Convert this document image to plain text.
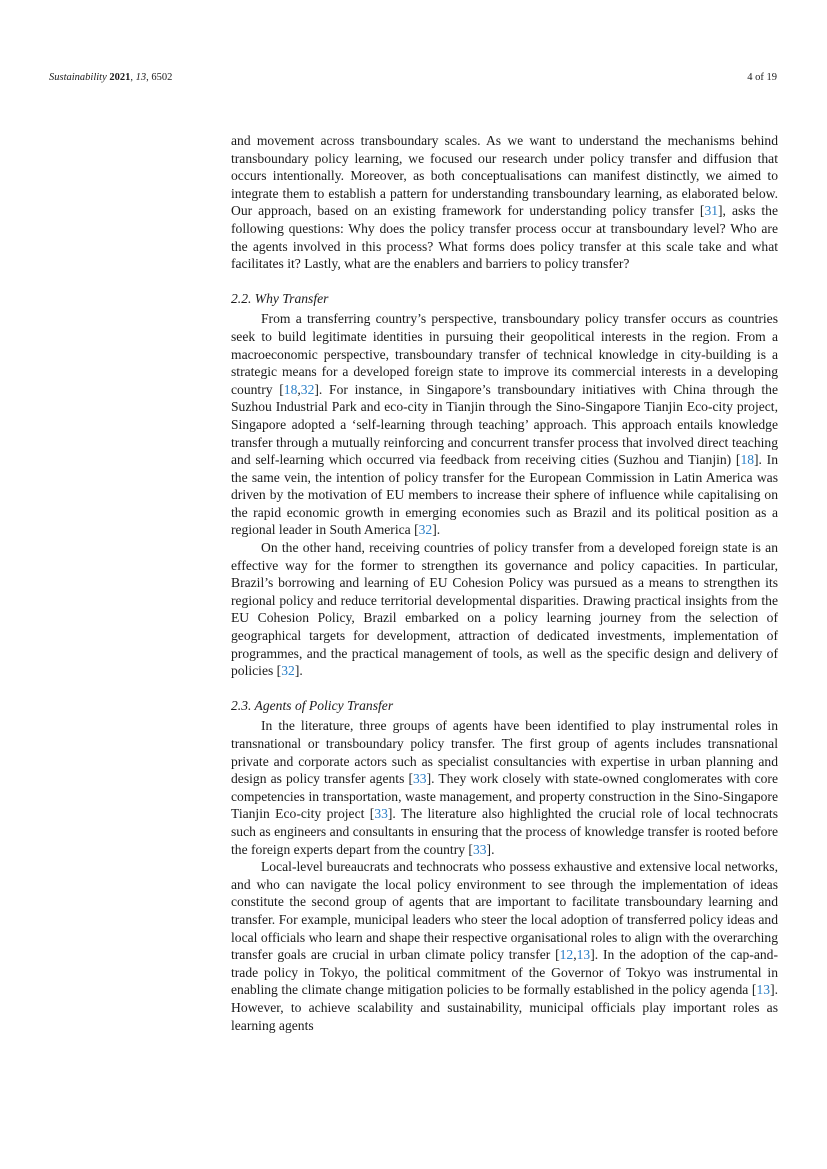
Sustainability 2021, 13, 6502	4 of 19

and movement across transboundary scales. As we want to understand the mechanisms behind transboundary policy learning, we focused our research under policy transfer and diffusion that occurs intentionally. Moreover, as both conceptualisations can manifest distinctly, we aimed to integrate them to establish a pattern for understanding transboundary learning, as elaborated below. Our approach, based on an existing framework for understanding policy transfer [31], asks the following questions: Why does the policy transfer process occur at transboundary level? Who are the agents involved in this process? What forms does policy transfer at this scale take and what facilitates it? Lastly, what are the enablers and barriers to policy transfer?

2.2. Why Transfer

From a transferring country’s perspective, transboundary policy transfer occurs as countries seek to build legitimate identities in pursuing their geopolitical interests in the region. From a macroeconomic perspective, transboundary transfer of technical knowledge in city-building is a strategic means for a developed foreign state to improve its commercial interests in a developing country [18,32]. For instance, in Singapore’s transboundary initiatives with China through the Suzhou Industrial Park and eco-city in Tianjin through the Sino-Singapore Tianjin Eco-city project, Singapore adopted a ‘self-learning through teaching’ approach. This approach entails knowledge transfer through a mutually reinforcing and concurrent transfer process that involved direct teaching and self-learning which occurred via feedback from receiving cities (Suzhou and Tianjin) [18]. In the same vein, the intention of policy transfer for the European Commission in Latin America was driven by the motivation of EU members to increase their sphere of influence while capitalising on the rapid economic growth in emerging economies such as Brazil and its political position as a regional leader in South America [32].

On the other hand, receiving countries of policy transfer from a developed foreign state is an effective way for the former to strengthen its governance and policy capacities. In particular, Brazil’s borrowing and learning of EU Cohesion Policy was pursued as a means to strengthen its regional policy and reduce territorial developmental disparities. Drawing practical insights from the EU Cohesion Policy, Brazil embarked on a policy learning journey from the selection of geographical targets for development, attraction of dedicated investments, implementation of programmes, and the practical management of tools, as well as the specific design and delivery of policies [32].

2.3. Agents of Policy Transfer

In the literature, three groups of agents have been identified to play instrumental roles in transnational or transboundary policy transfer. The first group of agents includes transnational private and corporate actors such as specialist consultancies with expertise in urban planning and design as policy transfer agents [33]. They work closely with state-owned conglomerates with core competencies in transportation, waste management, and property construction in the Sino-Singapore Tianjin Eco-city project [33]. The literature also highlighted the crucial role of local technocrats such as engineers and consultants in ensuring that the process of knowledge transfer is rooted before the foreign experts depart from the country [33].

Local-level bureaucrats and technocrats who possess exhaustive and extensive local networks, and who can navigate the local policy environment to see through the implementation of ideas constitute the second group of agents that are important to facilitate transboundary learning and transfer. For example, municipal leaders who steer the local adoption of transferred policy ideas and local officials who learn and shape their respective organisational roles to align with the overarching transfer goals are crucial in urban climate policy transfer [12,13]. In the adoption of the cap-and-trade policy in Tokyo, the political commitment of the Governor of Tokyo was instrumental in enabling the climate change mitigation policies to be formally established in the policy agenda [13]. However, to achieve scalability and sustainability, municipal officials play important roles as learning agents
